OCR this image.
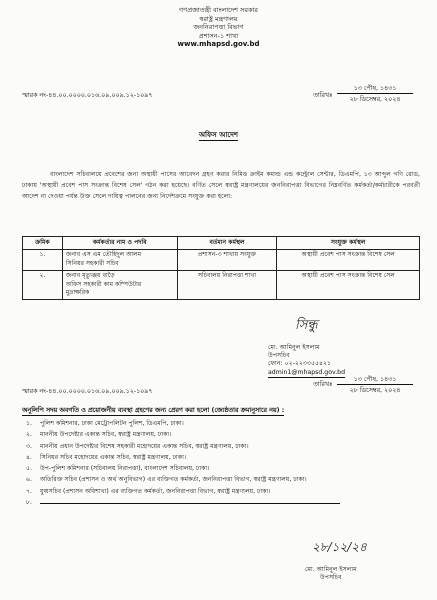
গণপ্রজাতন্ত্রী বাংলাদেশ সরকার
স্বরাষ্ট্র মন্ত্রণালয়
জননিরাপত্তা বিভাগ
প্রশাসন-১ শাখা
www.mhapsd.gov.bd
স্মারক নং-৪৪.০০.০০০০.০১৬.০৯.০০৯.১২-১০৯৭	তারিখঃ
১৩ পৌষ, ১৪৩১
২৮ ডিসেম্বর, ২০২৪
অফিস আদেশ
বাংলাদেশ সচিবালয়ে প্রবেশের জন্য অস্থায়ী পাসের আবেদন গ্রহণ করার নিমিত্ত ক্রাইম কমান্ড এন্ড কন্ট্রোল সেন্টার, ডিএমপি, ১৩ আব্দুল গণি রোড, ঢাকায় 'অস্থায়ী প্রবেশ পাস সংক্রান্ত বিশেষ সেল' গঠন করা হয়েছে। বর্ণিত সেলে স্বরাষ্ট্র মন্ত্রণালয়ের জননিরাপত্তা বিভাগের নিম্নবর্ণিত কর্মকর্তা/কর্মচারীকে পরবর্তী আদেশ না দেওয়া পর্যন্ত উক্ত সেলে দায়িত্ব পালনের জন্য নির্দেশক্রমে সংযুক্ত করা হলো:
ক্রমিক	কর্মকর্তার নাম ও পদবি	বর্তমান কর্মস্থল	সংযুক্ত কর্মস্থল
১.	জনাব এস এম তৌহিদুল আলম
সিনিয়র সহকারী সচিব	প্রশাসন-৩ শাখায় সংযুক্ত	অস্থায়ী প্রবেশ পাস সংক্রান্ত বিশেষ সেল
২.	জনাব মৃত্যুঞ্জয় বাড়ৈ
অফিস সহকারী কাম কম্পিউটার
মুদ্রাক্ষরিক	সচিবালয় নিরাপত্তা শাখা	অস্থায়ী প্রবেশ পাস সংক্রান্ত বিশেষ সেল
সিন্ধু
মো. আমিনুল ইসলাম
উপসচিব
ফোন: ০২-২২৩৩৫৫৪২১
admin1@mhapsd.gov.bd
স্মারক নং-৪৪.০০.০০০০.০১৬.০৯.০০৯.১২-১০৯৭
তারিখঃ
১৩ পৌষ, ১৪৩১
২৮ ডিসেম্বর, ২০২৪
অনুলিপি সদয় অবগতি ও প্রয়োজনীয় ব্যবস্থা গ্রহণের জন্য প্রেরণ করা হলো (জ্যেষ্ঠতার ক্রমানুসারে নয়) :
১.	পুলিশ কমিশনার, ঢাকা মেট্রোপলিটন পুলিশ, ডিএমপি, ঢাকা।
২.	মাননীয় উপদেষ্টার একান্ত সচিব, স্বরাষ্ট্র মন্ত্রণালয়, ঢাকা।
৩.	মাননীয় প্রধান উপদেষ্টার বিশেষ সহকারী মহোদয়ের একান্ত সচিব, স্বরাষ্ট্র মন্ত্রণালয়, ঢাকা।
৪.	সিনিয়র সচিব মহোদয়ের একান্ত সচিব, স্বরাষ্ট্র মন্ত্রণালয়, ঢাকা।
৫.	উপ-পুলিশ কমিশনার (সচিবালয় নিরাপত্তা), বাংলাদেশ সচিবালয়, ঢাকা।
৬.	অতিরিক্ত সচিব (প্রশাসন ও অর্থ অনুবিভাগ) এর ব্যক্তিগত কর্মকর্তা, জননিরাপত্তা বিভাগ, স্বরাষ্ট্র মন্ত্রণালয়, ঢাকা।
৭.	যুগ্মসচিব (প্রশাসন অধিশাখা) এর ব্যক্তিগত কর্মকর্তা, জননিরাপত্তা বিভাগ, স্বরাষ্ট্র মন্ত্রণালয়, ঢাকা।
৮.
২৮/১২/২৪
মো. আমিনুল ইসলাম
উপসচিব
